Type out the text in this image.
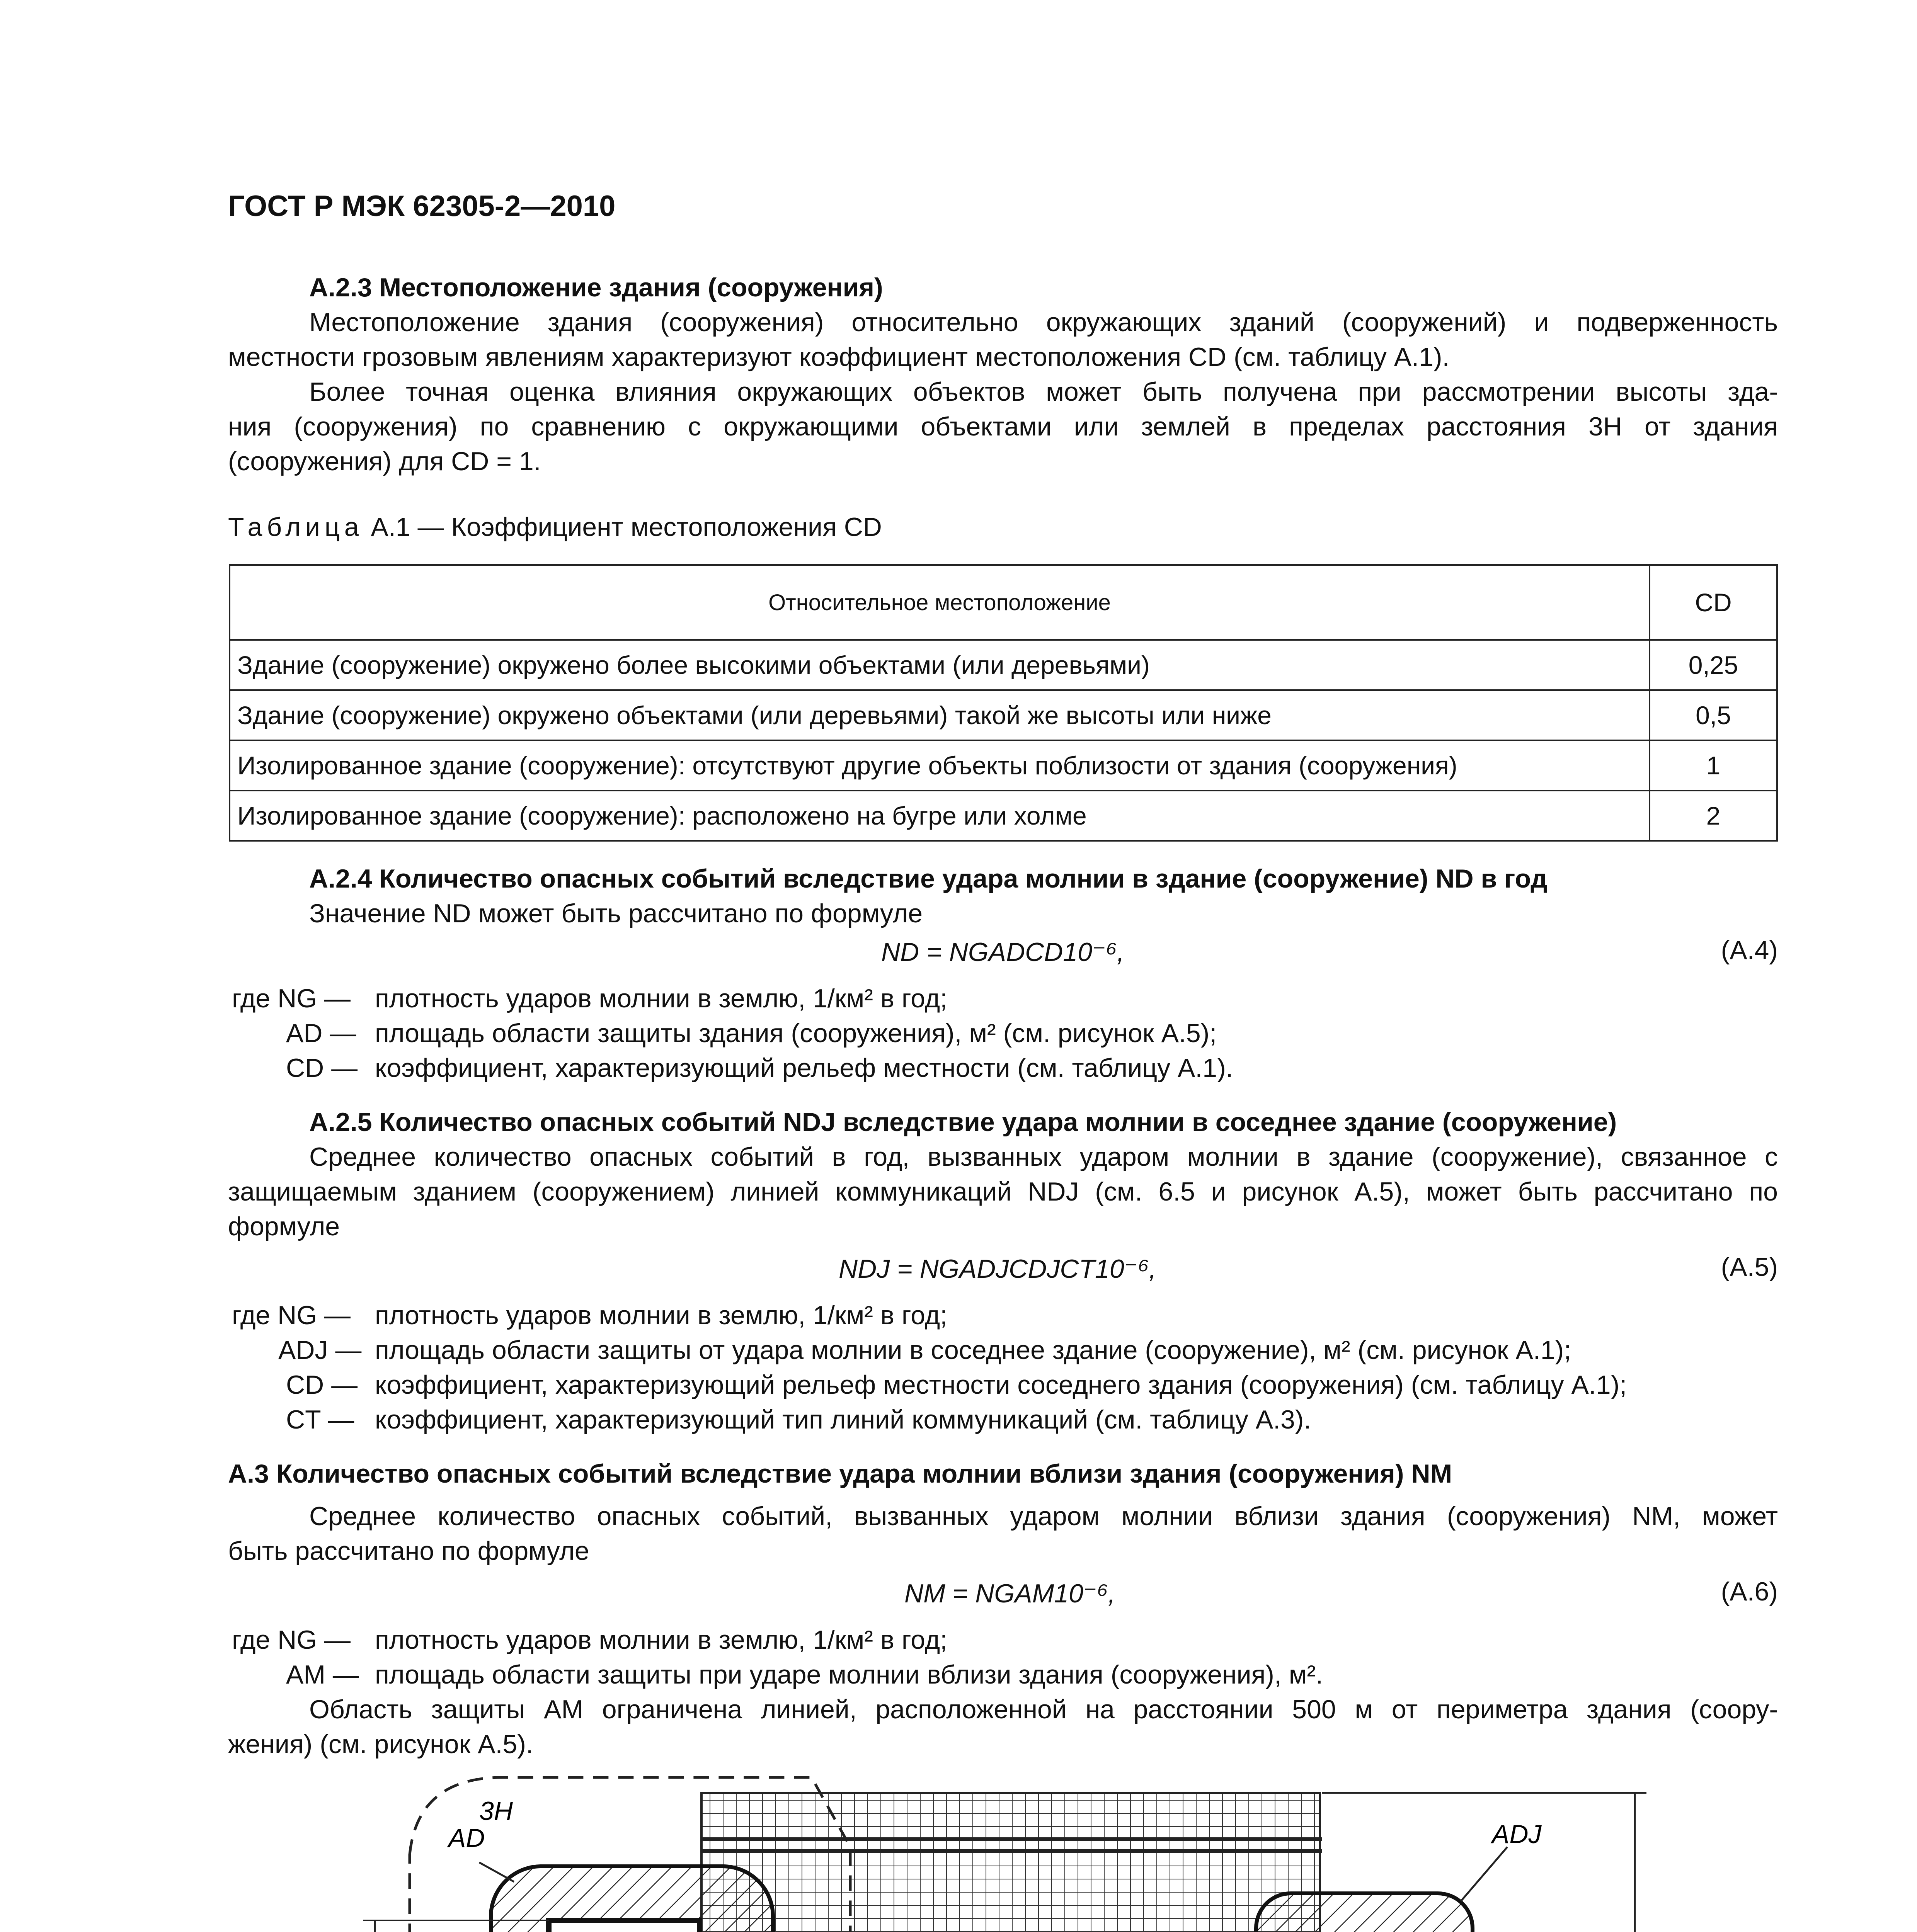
ГОСТ Р МЭК 62305-2—2010
А.2.3 Местоположение здания (сооружения)
Местоположение здания (сооружения) относительно окружающих зданий (сооружений) и подверженность
местности грозовым явлениям характеризуют коэффициент местоположения CD (см. таблицу А.1).
Более точная оценка влияния окружающих объектов может быть получена при рассмотрении высоты зда-
ния (сооружения) по сравнению с окружающими объектами или землей в пределах расстояния 3H от здания
(сооружения) для CD = 1.
Таблица А.1 — Коэффициент местоположения CD
Относительное местоположение	CD
Здание (сооружение) окружено более высокими объектами (или деревьями)	0,25
Здание (сооружение) окружено объектами (или деревьями) такой же высоты или ниже	0,5
Изолированное здание (сооружение): отсутствуют другие объекты поблизости от здания (сооружения)	1
Изолированное здание (сооружение): расположено на бугре или холме	2
А.2.4 Количество опасных событий вследствие удара молнии в здание (сооружение) ND в год
Значение ND может быть рассчитано по формуле
ND = NGADCD10⁻⁶,	(А.4)
где NG — плотность ударов молнии в землю, 1/км² в год;
AD — площадь области защиты здания (сооружения), м² (см. рисунок А.5);
CD — коэффициент, характеризующий рельеф местности (см. таблицу А.1).
А.2.5 Количество опасных событий NDJ вследствие удара молнии в соседнее здание (сооружение)
Среднее количество опасных событий в год, вызванных ударом молнии в здание (сооружение), связанное с
защищаемым зданием (сооружением) линией коммуникаций NDJ (см. 6.5 и рисунок А.5), может быть рассчитано по
формуле
NDJ = NGADJCDJCT10⁻⁶,	(А.5)
где NG — плотность ударов молнии в землю, 1/км² в год;
ADJ — площадь области защиты от удара молнии в соседнее здание (сооружение), м² (см. рисунок А.1);
CD — коэффициент, характеризующий рельеф местности соседнего здания (сооружения) (см. таблицу А.1);
CT — коэффициент, характеризующий тип линий коммуникаций (см. таблицу А.3).
А.3 Количество опасных событий вследствие удара молнии вблизи здания (сооружения) NM
Среднее количество опасных событий, вызванных ударом молнии вблизи здания (сооружения) NM, может
быть рассчитано по формуле
NM = NGAM10⁻⁶,	(А.6)
где NG — плотность ударов молнии в землю, 1/км² в год;
AM — площадь области защиты при ударе молнии вблизи здания (сооружения), м².
Область защиты AM ограничена линией, расположенной на расстоянии 500 м от периметра здания (соору-
жения) (см. рисунок А.5).
3H
AD	ADJ
